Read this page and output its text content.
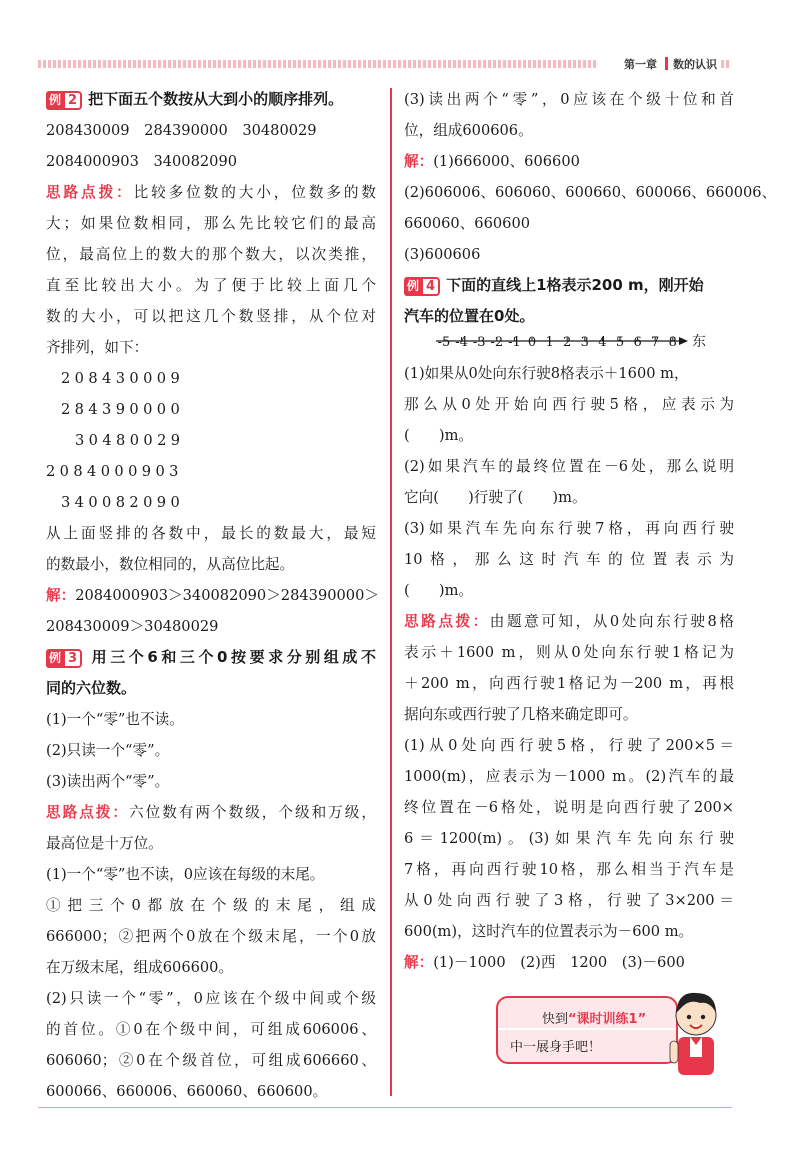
第一章 数的认识
例 2 把下面五个数按从大到小的顺序排列。
208430009　284390000　30480029
2084000903　340082090
思路点拨：比较多位数的大小，位数多的数
大；如果位数相同，那么先比较它们的最高
位，最高位上的数大的那个数大，以次类推，
直至比较出大小。为了便于比较上面几个
数的大小，可以把这几个数竖排，从个位对
齐排列，如下：
208430009
284390000
30480029
2084000903
340082090
从上面竖排的各数中，最长的数最大，最短
的数最小，数位相同的，从高位比起。
解：2084000903＞340082090＞284390000＞
208430009＞30480029
例 3 用三个6和三个0按要求分别组成不
同的六位数。
(1)一个“零”也不读。
(2)只读一个“零”。
(3)读出两个“零”。
思路点拨：六位数有两个数级，个级和万级，
最高位是十万位。
(1)一个“零”也不读，0应该在每级的末尾。
①把三个0都放在个级的末尾，组成
666000；②把两个0放在个级末尾，一个0放
在万级末尾，组成606600。
(2)只读一个“零”，0应该在个级中间或个级
的首位。①0在个级中间，可组成606006、
606060；②0在个级首位，可组成606660、
600066、660006、660060、660600。
(3)读出两个“零”，0应该在个级十位和首
位，组成600606。
解：(1)666000、606600
(2)606006、606060、600660、600066、660006、
660060、660600
(3)600606
例 4 下面的直线上1格表示200 m，刚开始
汽车的位置在0处。
-5 -4 -3 -2 -1 0 1 2 3 4 5 6 7 8 东
(1)如果从0处向东行驶8格表示＋1600 m，
那么从0处开始向西行驶5格，应表示为
(　　)m。
(2)如果汽车的最终位置在－6处，那么说明
它向(　　)行驶了(　　)m。
(3)如果汽车先向东行驶7格，再向西行驶
10格，那么这时汽车的位置表示为
(　　)m。
思路点拨：由题意可知，从0处向东行驶8格
表示＋1600 m，则从0处向东行驶1格记为
＋200 m，向西行驶1格记为－200 m，再根
据向东或西行驶了几格来确定即可。
(1)从0处向西行驶5格，行驶了200×5＝
1000(m)，应表示为－1000 m。(2)汽车的最
终位置在－6格处，说明是向西行驶了200×
6＝1200(m)。(3)如果汽车先向东行驶
7格，再向西行驶10格，那么相当于汽车是
从0处向西行驶了3格，行驶了3×200＝
600(m)，这时汽车的位置表示为－600 m。
解：(1)－1000　(2)西　1200　(3)－600
快到“课时训练1”
中一展身手吧！
